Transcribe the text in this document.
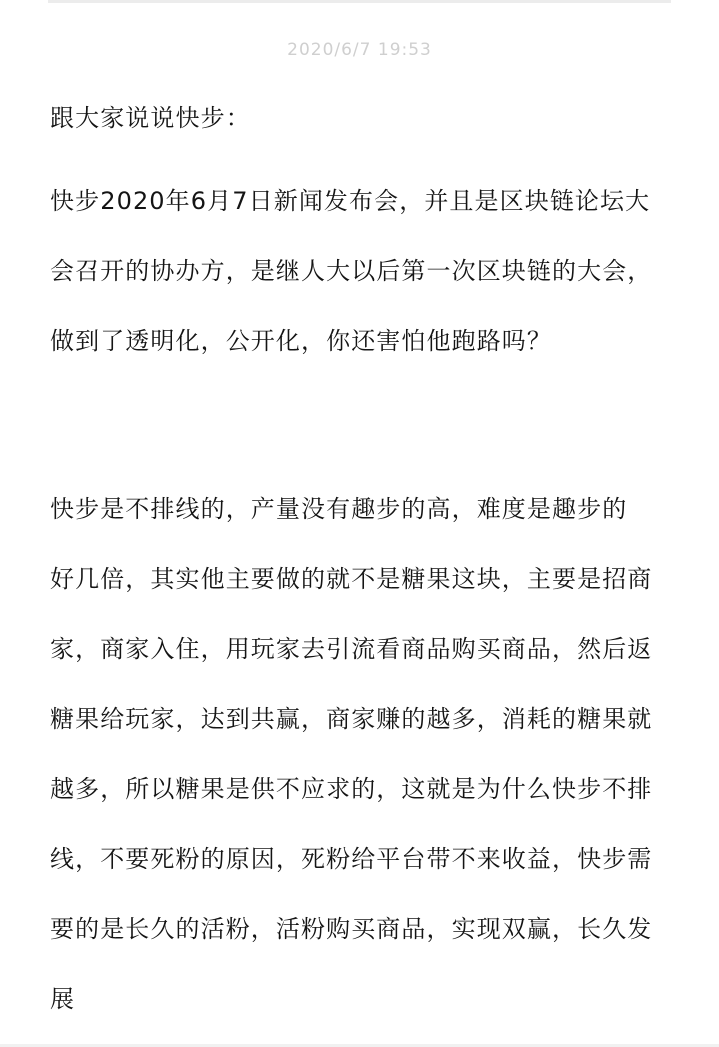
2020/6/7 19:53
跟大家说说快步：
快步2020年6月7日新闻发布会，并且是区块链论坛大
会召开的协办方，是继人大以后第一次区块链的大会，
做到了透明化，公开化，你还害怕他跑路吗？
快步是不排线的，产量没有趣步的高，难度是趣步的
好几倍，其实他主要做的就不是糖果这块，主要是招商
家，商家入住，用玩家去引流看商品购买商品，然后返
糖果给玩家，达到共赢，商家赚的越多，消耗的糖果就
越多，所以糖果是供不应求的，这就是为什么快步不排
线，不要死粉的原因，死粉给平台带不来收益，快步需
要的是长久的活粉，活粉购买商品，实现双赢，长久发
展
